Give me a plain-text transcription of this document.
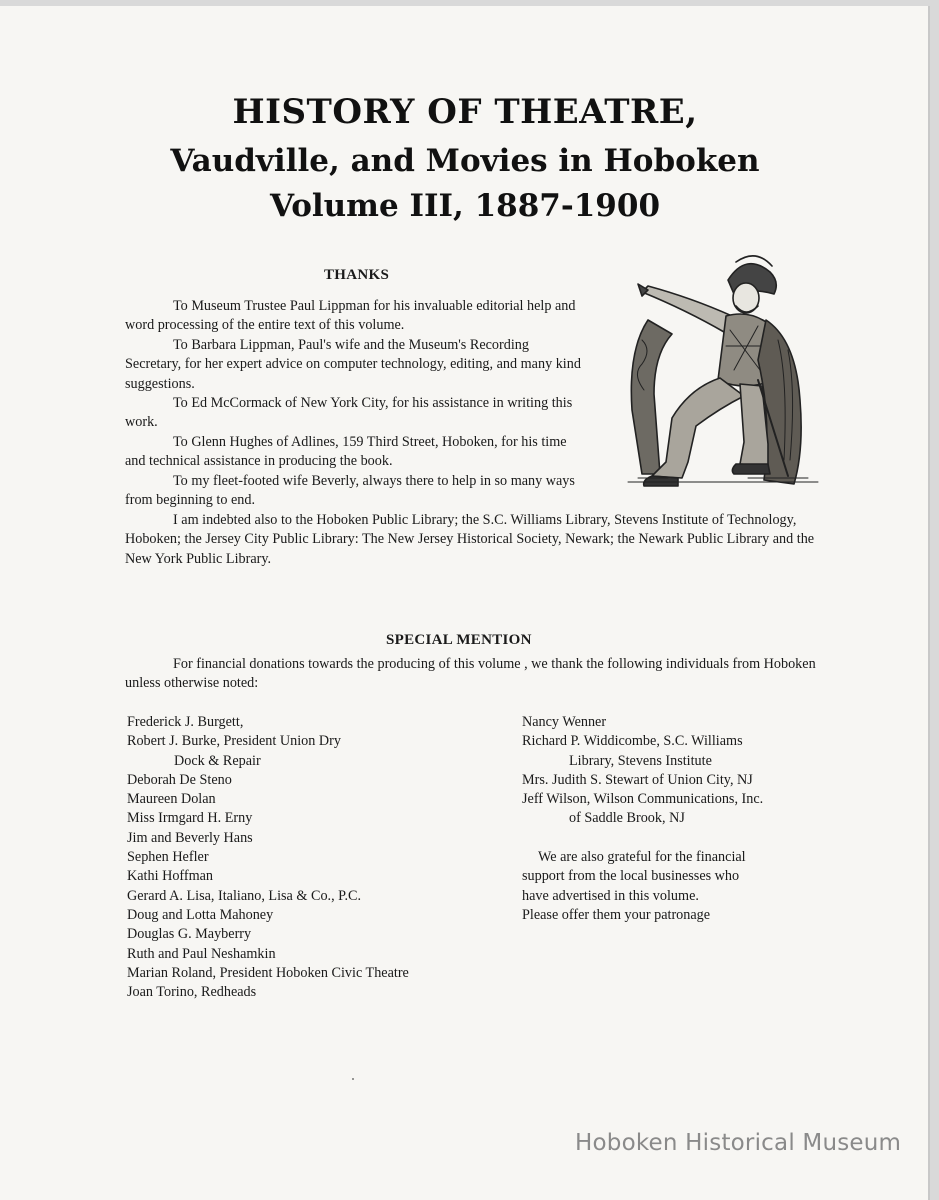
HISTORY OF THEATRE,
Vaudville, and Movies in Hoboken
Volume III, 1887-1900
THANKS

To Museum Trustee Paul Lippman for his invaluable editorial help and word processing of the entire text of this volume.

To Barbara Lippman, Paul's wife and the Museum's Recording Secretary, for her expert advice on computer technology, editing, and many kind suggestions.

To Ed McCormack of New York City, for his assistance in writing this work.

To Glenn Hughes of Adlines, 159 Third Street, Hoboken, for his time and technical assistance in producing the book.

To my fleet-footed wife Beverly, always there to help in so many ways from beginning to end.

I am indebted also to the Hoboken Public Library; the S.C. Williams Library, Stevens Institute of Technology, Hoboken; the Jersey City Public Library: The New Jersey Historical Society, Newark; the Newark Public Library and the New York Public Library.

SPECIAL MENTION

For financial donations towards the producing of this volume , we thank the following individuals from Hoboken unless otherwise noted:

Frederick J. Burgett,
Robert J. Burke, President Union Dry
Dock & Repair
Deborah De Steno
Maureen Dolan
Miss Irmgard H. Erny
Jim and Beverly Hans
Sephen Hefler
Kathi Hoffman
Gerard A. Lisa, Italiano, Lisa & Co., P.C.
Doug and Lotta Mahoney
Douglas G. Mayberry
Ruth and Paul Neshamkin
Marian Roland, President Hoboken Civic Theatre
Joan Torino, Redheads
Nancy Wenner
Richard P. Widdicombe, S.C. Williams
Library, Stevens Institute
Mrs. Judith S. Stewart of Union City, NJ
Jeff Wilson, Wilson Communications, Inc.
of Saddle Brook, NJ

We are also grateful for the financial
support from the local businesses who
have advertised in this volume.
Please offer them your patronage

Hoboken Historical Museum
